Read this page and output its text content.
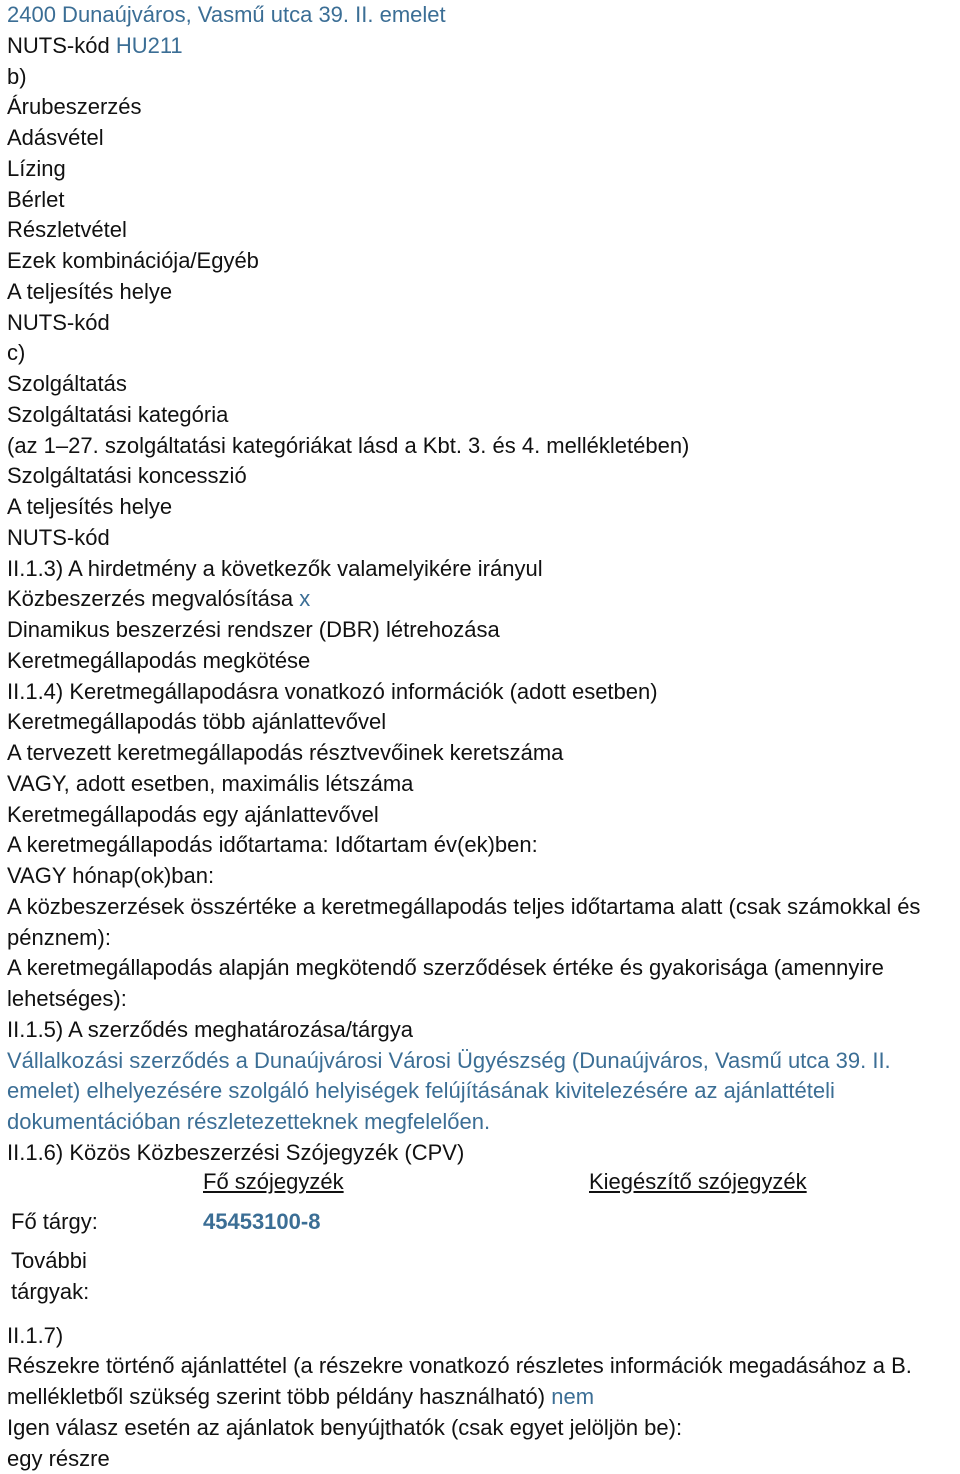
2400 Dunaújváros, Vasmű utca 39. II. emelet
NUTS-kód HU211
b)
Árubeszerzés
Adásvétel
Lízing
Bérlet
Részletvétel
Ezek kombinációja/Egyéb
A teljesítés helye
NUTS-kód
c)
Szolgáltatás
Szolgáltatási kategória
(az 1–27. szolgáltatási kategóriákat lásd a Kbt. 3. és 4. mellékletében)
Szolgáltatási koncesszió
A teljesítés helye
NUTS-kód
II.1.3) A hirdetmény a következők valamelyikére irányul
Közbeszerzés megvalósítása x
Dinamikus beszerzési rendszer (DBR) létrehozása
Keretmegállapodás megkötése
II.1.4) Keretmegállapodásra vonatkozó információk (adott esetben)
Keretmegállapodás több ajánlattevővel
A tervezett keretmegállapodás résztvevőinek keretszáma
VAGY, adott esetben, maximális létszáma
Keretmegállapodás egy ajánlattevővel
A keretmegállapodás időtartama: Időtartam év(ek)ben:
VAGY hónap(ok)ban:
A közbeszerzések összértéke a keretmegállapodás teljes időtartama alatt (csak számokkal és pénznem):
A keretmegállapodás alapján megkötendő szerződések értéke és gyakorisága (amennyire lehetséges):
II.1.5) A szerződés meghatározása/tárgya
Vállalkozási szerződés a Dunaújvárosi Városi Ügyészség (Dunaújváros, Vasmű utca 39. II. emelet) elhelyezésére szolgáló helyiségek felújításának kivitelezésére az ajánlattételi dokumentációban részletezetteknek megfelelően.
II.1.6) Közös Közbeszerzési Szójegyzék (CPV)
Fő szójegyzék	Kiegészítő szójegyzék
Fő tárgy:	45453100-8
További
tárgyak:
II.1.7)
Részekre történő ajánlattétel (a részekre vonatkozó részletes információk megadásához a B. mellékletből szükség szerint több példány használható) nem
Igen válasz esetén az ajánlatok benyújthatók (csak egyet jelöljön be):
egy részre
